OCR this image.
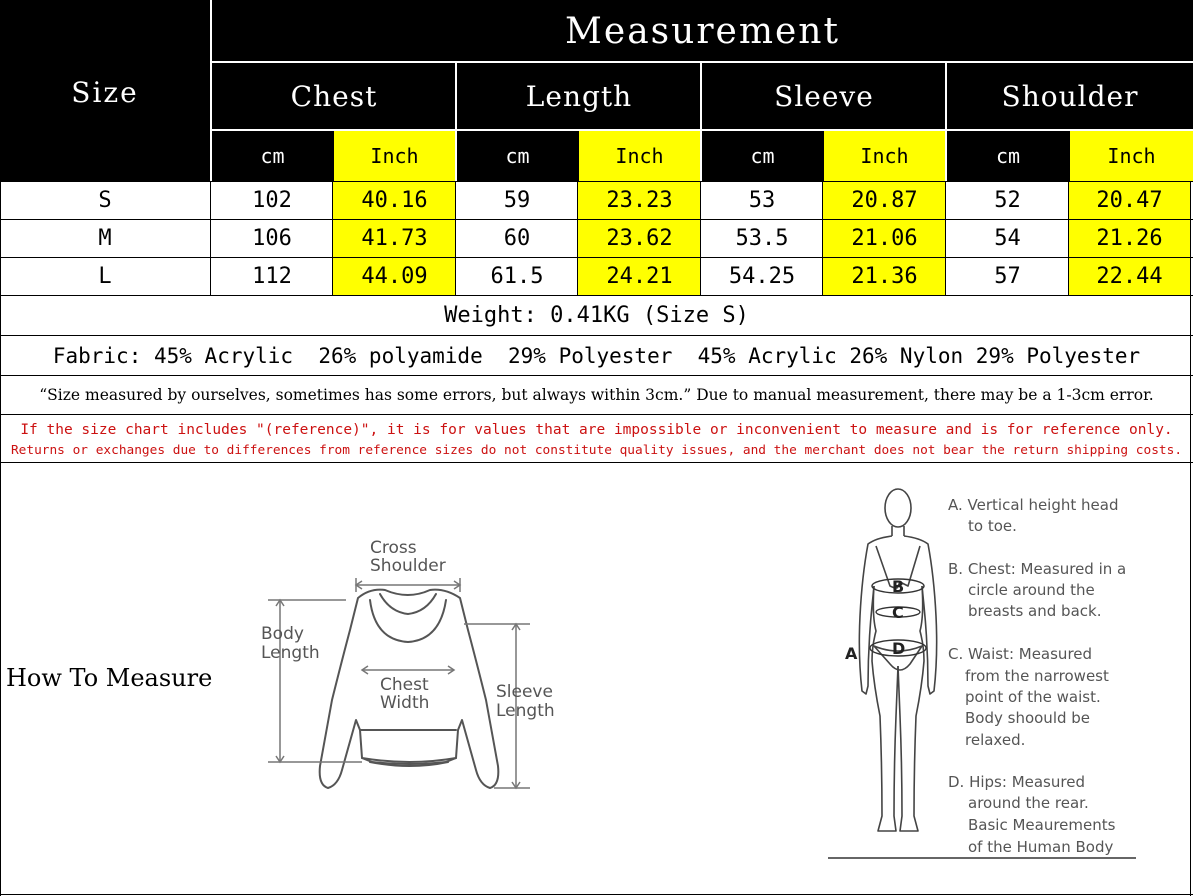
Size
Measurement
Chest	Length	Sleeve	Shoulder
cm	Inch	cm	Inch	cm	Inch	cm	Inch
S	102	40.16	59	23.23	53	20.87	52	20.47
M	106	41.73	60	23.62	53.5	21.06	54	21.26
L	112	44.09	61.5	24.21	54.25	21.36	57	22.44
Weight: 0.41KG (Size S)
Fabric: 45% Acrylic  26% polyamide  29% Polyester  45% Acrylic 26% Nylon 29% Polyester
“Size measured by ourselves, sometimes has some errors, but always within 3cm.” Due to manual measurement, there may be a 1-3cm error.
If the size chart includes "(reference)", it is for values that are impossible or inconvenient to measure and is for reference only.
Returns or exchanges due to differences from reference sizes do not constitute quality issues, and the merchant does not bear the return shipping costs.
How To Measure
Cross
Shoulder
Body
Length
Chest
Width
Sleeve
Length
A
B
C
D
A. Vertical height head
to toe.
B. Chest: Measured in a
circle around the
breasts and back.
C. Waist: Measured
from the narrowest
point of the waist.
Body shoould be
relaxed.
D. Hips: Measured
around the rear.
Basic Meaurements
of the Human Body
